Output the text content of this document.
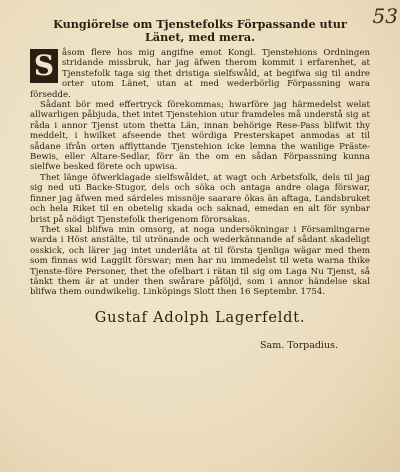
53
Kungiörelse om Tjenstefolks Förpassande utur Länet, med mera.

S åsom flere hos mig angifne emot Kongl. Tjenstehions Ordningen stridande missbruk, har jag äfwen therom kommit i erfarenhet, at Tjenstefolk taga sig thet dristiga sielfswåld, at begifwa sig til andre orter utom Länet, utan at med wederbörlig Förpassning wara försedde.

Sådant bör med effertryck förekommas; hwarföre jag härmedelst welat allwarligen påbjuda, thet intet Tjenstehion utur framdeles må understå sig at råda i annor Tjenst utom thetta Län, innan behörige Rese-Pass blifwit thy meddelt, i hwilket afseende thet wördiga Presterskapet anmodas at til sådane ifrån orten afflyttande Tjenstehion icke lemna the wanlige Präste-Bewis, eller Altare-Sedlar, förr än the om en sådan Förpassning kunna sielfwe besked förete och upwisa.

Thet länge öfwerklagade sielfswåldet, at wagt och Arbetsfolk, dels til jag sig ned uti Backe-Stugor, dels och söka och antaga andre olaga förswar, finner jag äfwen med särdeles missnöje saarare ökas än aftaga, Landsbruket och hela Riket til en obetelig skada och saknad, emedan en alt för synbar brist på nödigt Tjenstefolk therigenom förorsakas.

Thet skal blifwa min omsorg, at noga undersökningar i Församlingarne warda i Höst anstälte, til utrönande och wederkännande af sådant skadeligt osskick, och lärer jag intet underlåta at til första tjenliga wägar med them som finnas wid Laggilt förswar; men har nu immedelst til weta warna thike Tjenste-före Personer, thet the ofelbart i rätan til sig om Laga Nu Tjenst, så tänkt them är at under then swårare påföljd, som i annor händelse skal blifwa them oundwikelig. Linköpings Slott then 16 Septembr. 1754.

Gustaf Adolph Lagerfeldt.
Sam. Torpadius.
